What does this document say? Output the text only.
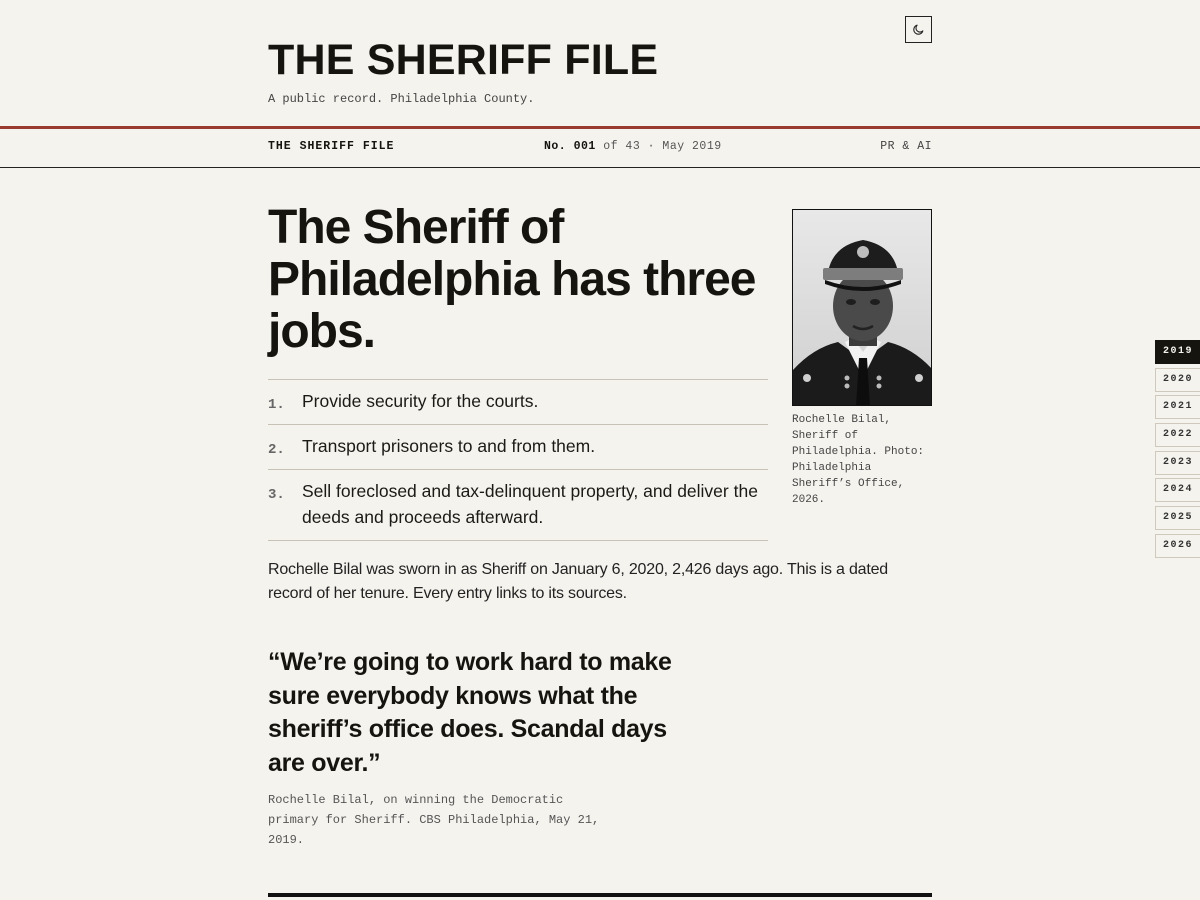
THE SHERIFF FILE
A public record. Philadelphia County.
THE SHERIFF FILE	No. 001 of 43 · May 2019	PR & AI
The Sheriff of Philadelphia has three jobs.
1. Provide security for the courts.
2. Transport prisoners to and from them.
3. Sell foreclosed and tax-delinquent property, and deliver the deeds and proceeds afterward.
Rochelle Bilal, Sheriff of Philadelphia. Photo: Philadelphia Sheriff’s Office, 2026.

Rochelle Bilal was sworn in as Sheriff on January 6, 2020, 2,426 days ago. This is a dated record of her tenure. Every entry links to its sources.

“We’re going to work hard to make sure everybody knows what the sheriff’s office does. Scandal days are over.”
Rochelle Bilal, on winning the Democratic primary for Sheriff. CBS Philadelphia, May 21, 2019.
2019
2020
2021
2022
2023
2024
2025
2026
